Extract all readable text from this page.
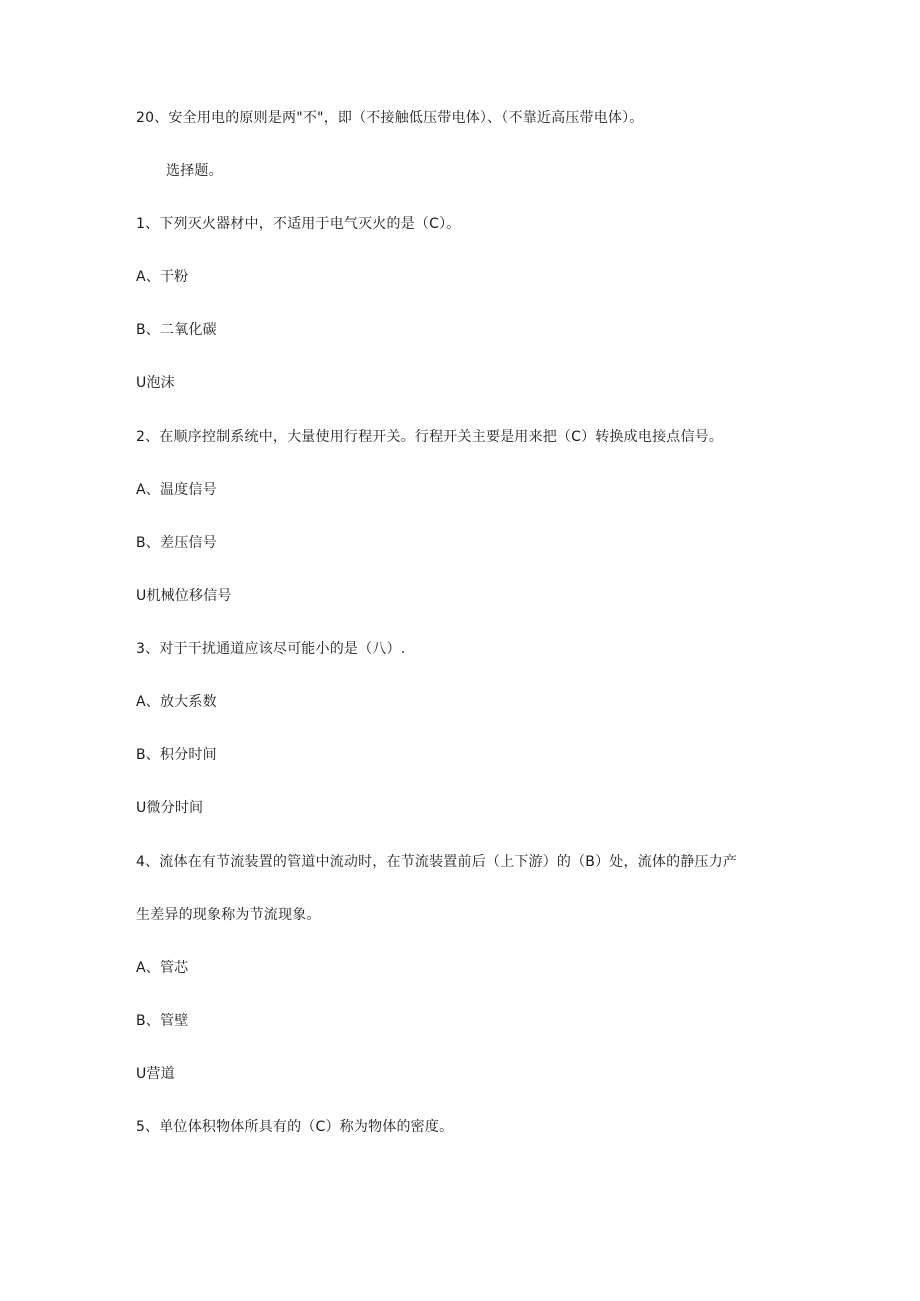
20、安全用电的原则是两"不"，即（不接触低压带电体）、（不靠近高压带电体）。
选择题。
1、下列灭火器材中，不适用于电气灭火的是（C）。
A、干粉
B、二氧化碳
U泡沫
2、在顺序控制系统中，大量使用行程开关。行程开关主要是用来把（C）转换成电接点信号。
A、温度信号
B、差压信号
U机械位移信号
3、对于干扰通道应该尽可能小的是（八）.
A、放大系数
B、积分时间
U微分时间
4、流体在有节流装置的管道中流动时，在节流装置前后（上下游）的（B）处，流体的静压力产
生差异的现象称为节流现象。
A、管芯
B、管壁
U营道
5、单位体积物体所具有的（C）称为物体的密度。
